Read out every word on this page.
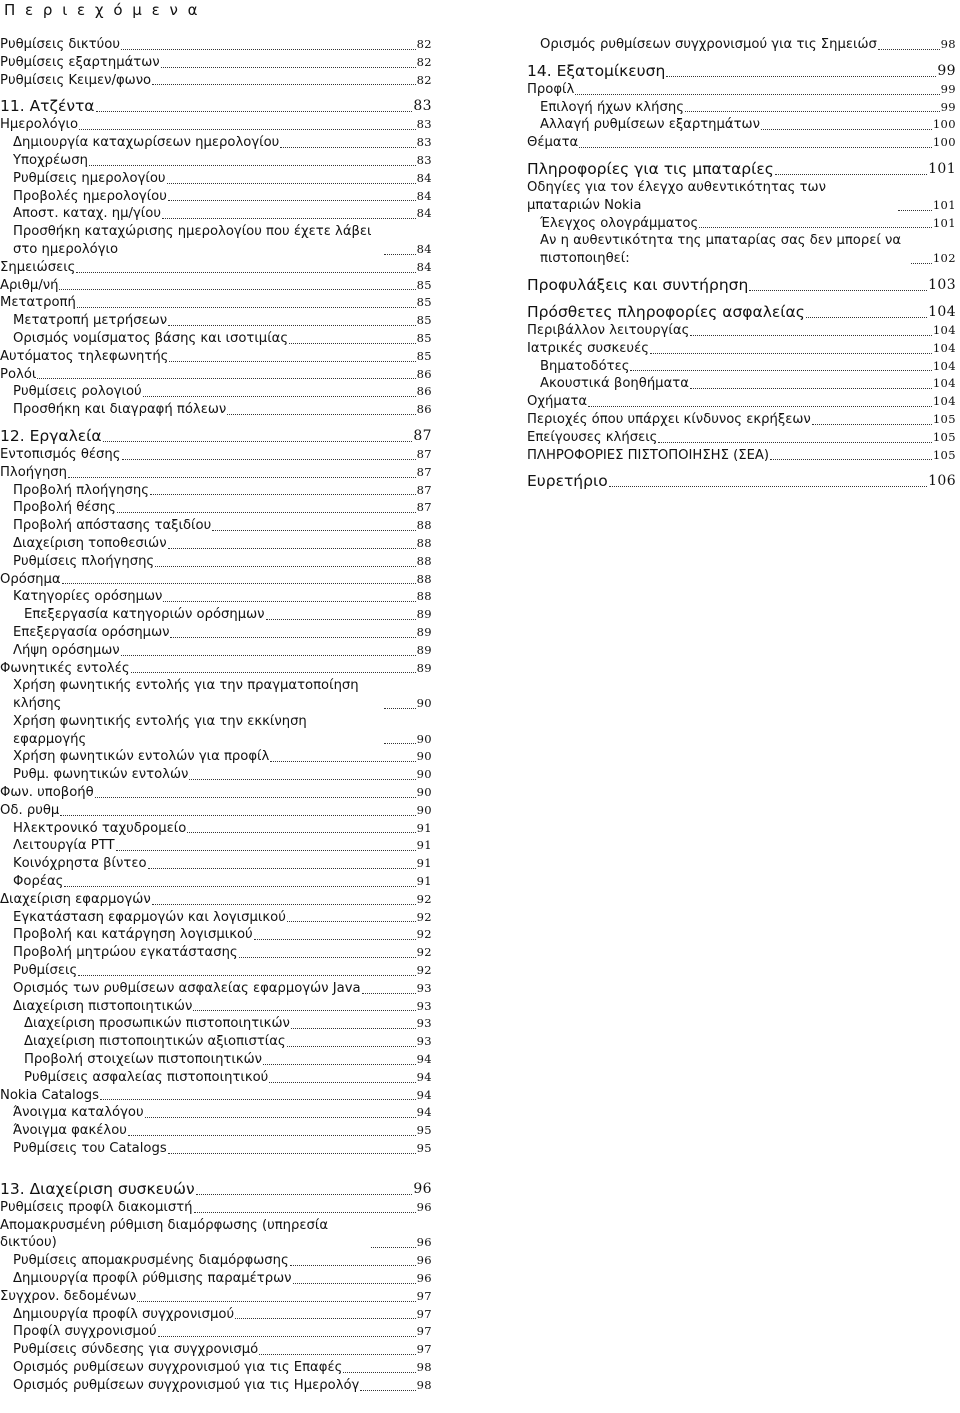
Π ε ρ ι ε χ ό μ ε ν α
Ρυθμίσεις δικτύου	82
Ρυθμίσεις εξαρτημάτων	82
Ρυθμίσεις Κειμεν/φωνο	82
11. Ατζέντα	83
Ημερολόγιο	83
Δημιουργία καταχωρίσεων ημερολογίου	83
Υποχρέωση	83
Ρυθμίσεις ημερολογίου	84
Προβολές ημερολογίου	84
Αποστ. καταχ. ημ/γίου	84
Προσθήκη καταχώρισης ημερολογίου που έχετε λάβει στο ημερολόγιο	84
Σημειώσεις	84
Αριθμ/νή	85
Μετατροπή	85
Μετατροπή μετρήσεων	85
Ορισμός νομίσματος βάσης και ισοτιμίας	85
Αυτόματος τηλεφωνητής	85
Ρολόι	86
Ρυθμίσεις ρολογιού	86
Προσθήκη και διαγραφή πόλεων	86
12. Εργαλεία	87
Εντοπισμός θέσης	87
Πλοήγηση	87
Προβολή πλοήγησης	87
Προβολή θέσης	87
Προβολή απόστασης ταξιδίου	88
Διαχείριση τοποθεσιών	88
Ρυθμίσεις πλοήγησης	88
Ορόσημα	88
Κατηγορίες ορόσημων	88
Επεξεργασία κατηγοριών ορόσημων	89
Επεξεργασία ορόσημων	89
Λήψη ορόσημων	89
Φωνητικές εντολές	89
Χρήση φωνητικής εντολής για την πραγματοποίηση κλήσης	90
Χρήση φωνητικής εντολής για την εκκίνηση εφαρμογής	90
Χρήση φωνητικών εντολών για προφίλ	90
Ρυθμ. φωνητικών εντολών	90
Φων. υποβοήθ	90
Οδ. ρυθμ	90
Ηλεκτρονικό ταχυδρομείο	91
Λειτουργία PTT	91
Κοινόχρηστα βίντεο	91
Φορέας	91
Διαχείριση εφαρμογών	92
Εγκατάσταση εφαρμογών και λογισμικού	92
Προβολή και κατάργηση λογισμικού	92
Προβολή μητρώου εγκατάστασης	92
Ρυθμίσεις	92
Ορισμός των ρυθμίσεων ασφαλείας εφαρμογών Java	93
Διαχείριση πιστοποιητικών	93
Διαχείριση προσωπικών πιστοποιητικών	93
Διαχείριση πιστοποιητικών αξιοπιστίας	93
Προβολή στοιχείων πιστοποιητικών	94
Ρυθμίσεις ασφαλείας πιστοποιητικού	94
Nokia Catalogs	94
Άνοιγμα καταλόγου	94
Άνοιγμα φακέλου	95
Ρυθμίσεις του Catalogs	95
13. Διαχείριση συσκευών	96
Ρυθμίσεις προφίλ διακομιστή	96
Απομακρυσμένη ρύθμιση διαμόρφωσης (υπηρεσία δικτύου)	96
Ρυθμίσεις απομακρυσμένης διαμόρφωσης	96
Δημιουργία προφίλ ρύθμισης παραμέτρων	96
Συγχρον. δεδομένων	97
Δημιουργία προφίλ συγχρονισμού	97
Προφίλ συγχρονισμού	97
Ρυθμίσεις σύνδεσης για συγχρονισμό	97
Ορισμός ρυθμίσεων συγχρονισμού για τις Επαφές	98
Ορισμός ρυθμίσεων συγχρονισμού για τις Ημερολόγ	98
Ορισμός ρυθμίσεων συγχρονισμού για τις Σημειώσ	98
14. Εξατομίκευση	99
Προφίλ	99
Επιλογή ήχων κλήσης	99
Αλλαγή ρυθμίσεων εξαρτημάτων	100
Θέματα	100
Πληροφορίες για τις μπαταρίες	101
Οδηγίες για τον έλεγχο αυθεντικότητας των μπαταριών Nokia	101
Έλεγχος ολογράμματος	101
Αν η αυθεντικότητα της μπαταρίας σας δεν μπορεί να πιστοποιηθεί:	102
Προφυλάξεις και συντήρηση	103
Πρόσθετες πληροφορίες ασφαλείας	104
Περιβάλλον λειτουργίας	104
Ιατρικές συσκευές	104
Βηματοδότες	104
Ακουστικά βοηθήματα	104
Οχήματα	104
Περιοχές όπου υπάρχει κίνδυνος εκρήξεων	105
Επείγουσες κλήσεις	105
ΠΛΗΡΟΦΟΡΙΕΣ ΠΙΣΤΟΠΟΙΗΣΗΣ (ΣΕΑ)	105
Ευρετήριο	106
